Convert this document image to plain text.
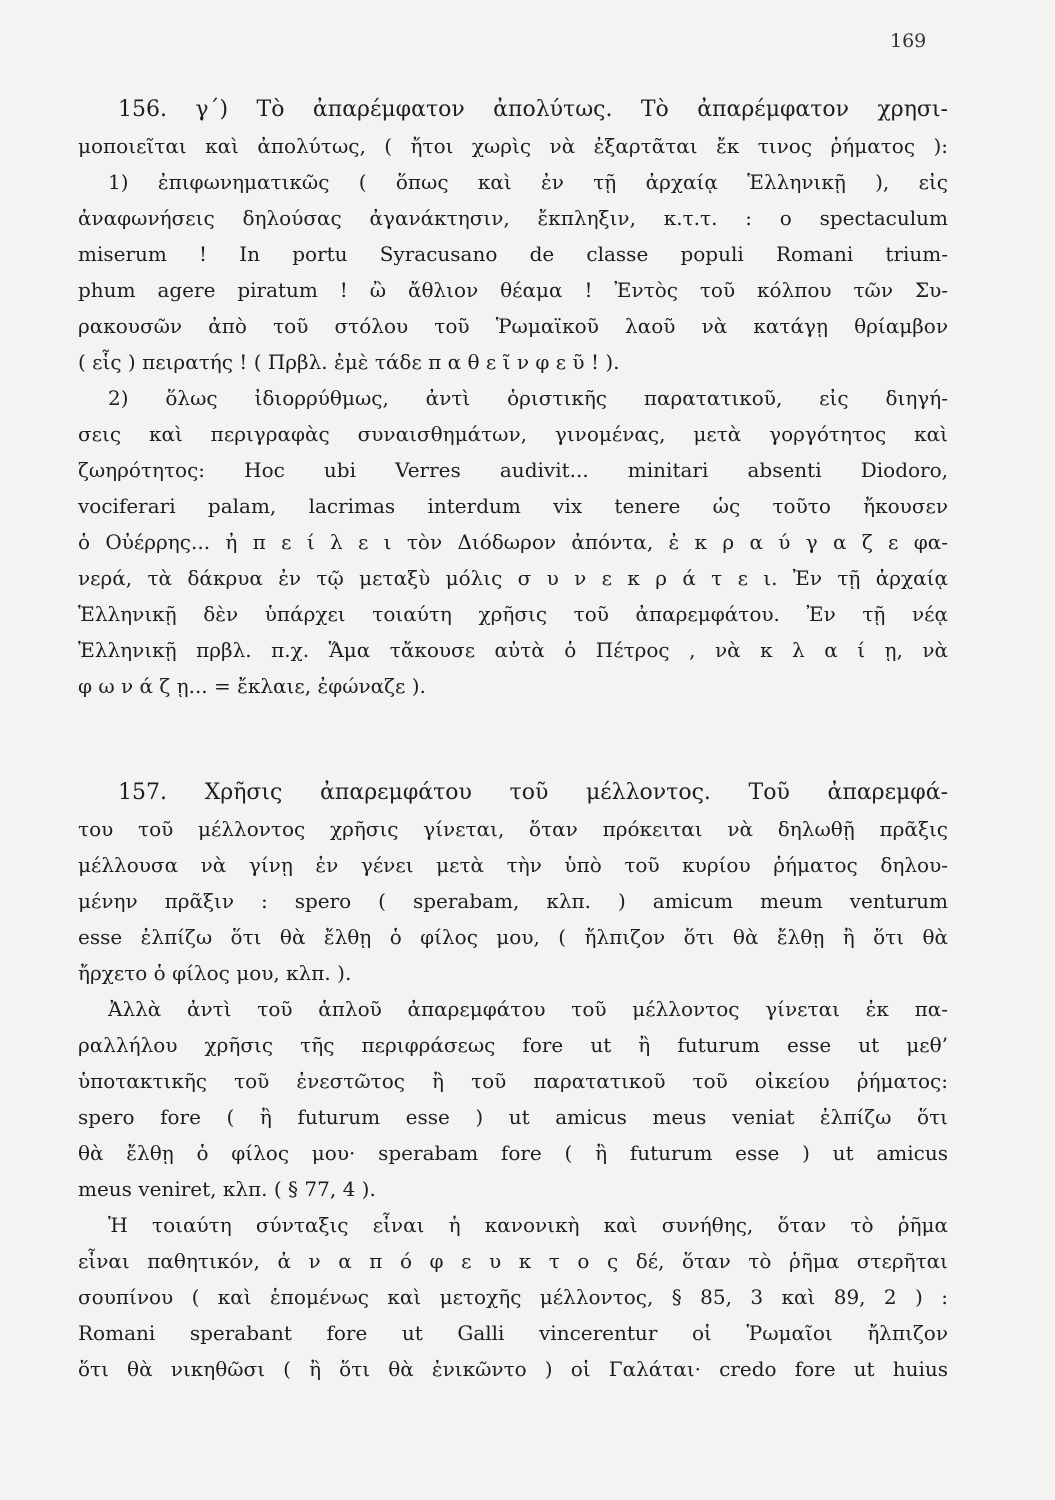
169
156. γ΄) Τὸ ἀπαρέμφατον ἀπολύτως. Τὸ ἀπαρέμφατον χρησι-
μοποιεῖται καὶ ἀπολύτως, ( ἤτοι χωρὶς νὰ ἐξαρτᾶται ἔκ τινος ῥήματος ):
1) ἐπιφωνηματικῶς ( ὅπως καὶ ἐν τῇ ἀρχαίᾳ Ἑλληνικῇ ), εἰς
ἀναφωνήσεις δηλούσας ἀγανάκτησιν, ἔκπληξιν, κ.τ.τ. : o spectaculum
miserum ! In portu Syracusano de classe populi Romani trium-
phum agere piratum ! ὢ ἄθλιον θέαμα ! Ἐντὸς τοῦ κόλπου τῶν Συ-
ρακουσῶν ἀπὸ τοῦ στόλου τοῦ Ῥωμαϊκοῦ λαοῦ νὰ κατάγῃ θρίαμβον
( εἷς ) πειρατής ! ( Πρβλ. ἐμὲ τάδε π α θ ε ῖ ν φ ε ῦ ! ).
2) ὅλως ἰδιορρύθμως, ἀντὶ ὁριστικῆς παρατατικοῦ, εἰς διηγή-
σεις καὶ περιγραφὰς συναισθημάτων, γινομένας, μετὰ γοργότητος καὶ
ζωηρότητος: Hoc ubi Verres audivit... minitari absenti Diodoro,
vociferari palam, lacrimas interdum vix tenere ὡς τοῦτο ἤκουσεν
ὁ Οὐέρρης... ἠ π ε ί λ ε ι τὸν Διόδωρον ἀπόντα, ἐ κ ρ α ύ γ α ζ ε φα-
νερά, τὰ δάκρυα ἐν τῷ μεταξὺ μόλις σ υ ν ε κ ρ ά τ ε ι. Ἐν τῇ ἀρχαίᾳ
Ἑλληνικῇ δὲν ὑπάρχει τοιαύτη χρῆσις τοῦ ἀπαρεμφάτου. Ἐν τῇ νέᾳ
Ἑλληνικῇ πρβλ. π.χ. Ἅμα τἄκουσε αὐτὰ ὁ Πέτρος , νὰ κ λ α ί ῃ, νὰ
φ ω ν ά ζ ῃ... = ἔκλαιε, ἐφώναζε ).
157. Χρῆσις ἀπαρεμφάτου τοῦ μέλλοντος. Τοῦ ἀπαρεμφά-
του τοῦ μέλλοντος χρῆσις γίνεται, ὅταν πρόκειται νὰ δηλωθῇ πρᾶξις
μέλλουσα νὰ γίνῃ ἐν γένει μετὰ τὴν ὑπὸ τοῦ κυρίου ῥήματος δηλου-
μένην πρᾶξιν : spero ( sperabam, κλπ. ) amicum meum venturum
esse ἐλπίζω ὅτι θὰ ἔλθῃ ὁ φίλος μου, ( ἤλπιζον ὅτι θὰ ἔλθῃ ἢ ὅτι θὰ
ἤρχετο ὁ φίλος μου, κλπ. ).
Ἀλλὰ ἀντὶ τοῦ ἁπλοῦ ἀπαρεμφάτου τοῦ μέλλοντος γίνεται ἐκ πα-
ραλλήλου χρῆσις τῆς περιφράσεως fore ut ἢ futurum esse ut μεθ’
ὑποτακτικῆς τοῦ ἐνεστῶτος ἢ τοῦ παρατατικοῦ τοῦ οἰκείου ῥήματος:
spero fore ( ἢ futurum esse ) ut amicus meus veniat ἐλπίζω ὅτι
θὰ ἔλθῃ ὁ φίλος μου· sperabam fore ( ἢ futurum esse ) ut amicus
meus veniret, κλπ. ( § 77, 4 ).
Ἡ τοιαύτη σύνταξις εἶναι ἡ κανονικὴ καὶ συνήθης, ὅταν τὸ ῥῆμα
εἶναι παθητικόν, ἀ ν α π ό φ ε υ κ τ ο ς δέ, ὅταν τὸ ῥῆμα στερῆται
σουπίνου ( καὶ ἑπομένως καὶ μετοχῆς μέλλοντος, § 85, 3 καὶ 89, 2 ) :
Romani sperabant fore ut Galli vincerentur οἱ Ῥωμαῖοι ἤλπιζον
ὅτι θὰ νικηθῶσι ( ἢ ὅτι θὰ ἐνικῶντο ) οἱ Γαλάται· credo fore ut huius
